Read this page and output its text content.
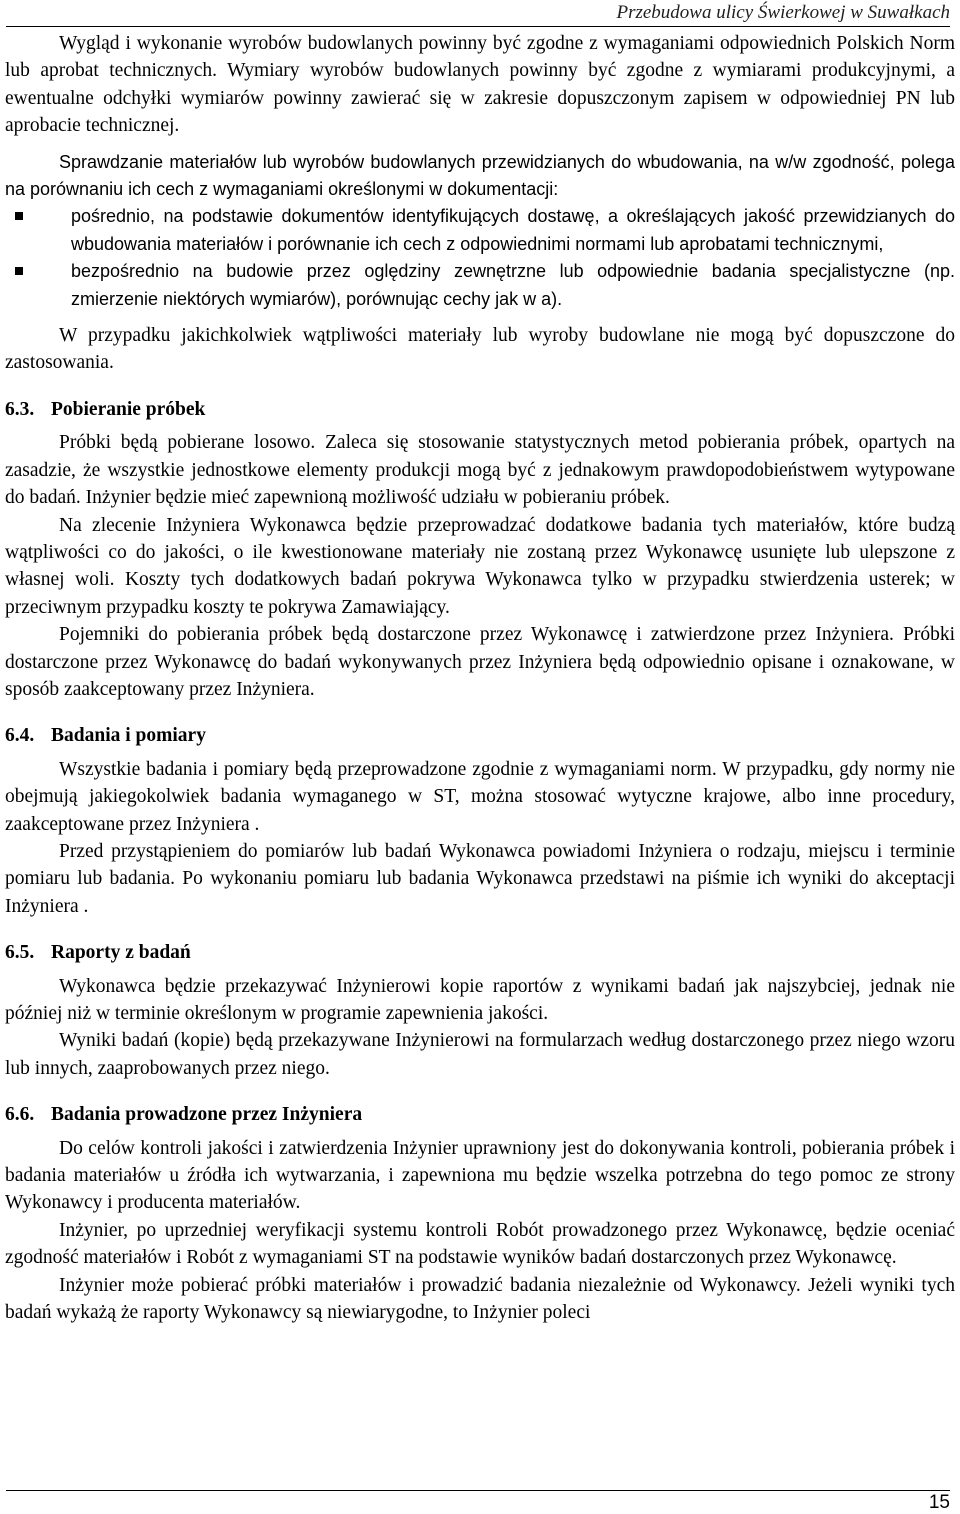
Przebudowa ulicy Świerkowej w Suwałkach

Wygląd i wykonanie wyrobów budowlanych powinny być zgodne z wymaganiami odpowiednich Polskich Norm lub aprobat technicznych. Wymiary wyrobów budowlanych powinny być zgodne z wymiarami produkcyjnymi, a ewentualne odchyłki wymiarów powinny zawierać się w zakresie dopuszczonym zapisem w odpowiedniej PN lub aprobacie technicznej.

Sprawdzanie materiałów lub wyrobów budowlanych przewidzianych do wbudowania, na w/w zgodność, polega na porównaniu ich cech z wymaganiami określonymi w dokumentacji:

pośrednio, na podstawie dokumentów identyfikujących dostawę, a określających jakość przewidzianych do wbudowania materiałów i porównanie ich cech z odpowiednimi normami lub aprobatami technicznymi,
bezpośrednio na budowie przez oględziny zewnętrzne lub odpowiednie badania specjalistyczne (np. zmierzenie niektórych wymiarów), porównując cechy jak w a).

W przypadku jakichkolwiek wątpliwości materiały lub wyroby budowlane nie mogą być dopuszczone do zastosowania.

6.3. Pobieranie próbek

Próbki będą pobierane losowo. Zaleca się stosowanie statystycznych metod pobierania próbek, opartych na zasadzie, że wszystkie jednostkowe elementy produkcji mogą być z jednakowym prawdopodobieństwem wytypowane do badań. Inżynier będzie mieć zapewnioną możliwość udziału w pobieraniu próbek.

Na zlecenie Inżyniera Wykonawca będzie przeprowadzać dodatkowe badania tych materiałów, które budzą wątpliwości co do jakości, o ile kwestionowane materiały nie zostaną przez Wykonawcę usunięte lub ulepszone z własnej woli. Koszty tych dodatkowych badań pokrywa Wykonawca tylko w przypadku stwierdzenia usterek; w przeciwnym przypadku koszty te pokrywa Zamawiający.

Pojemniki do pobierania próbek będą dostarczone przez Wykonawcę i zatwierdzone przez Inżyniera. Próbki dostarczone przez Wykonawcę do badań wykonywanych przez Inżyniera będą odpowiednio opisane i oznakowane, w sposób zaakceptowany przez Inżyniera.

6.4. Badania i pomiary

Wszystkie badania i pomiary będą przeprowadzone zgodnie z wymaganiami norm. W przypadku, gdy normy nie obejmują jakiegokolwiek badania wymaganego w ST, można stosować wytyczne krajowe, albo inne procedury, zaakceptowane przez Inżyniera .

Przed przystąpieniem do pomiarów lub badań Wykonawca powiadomi Inżyniera o rodzaju, miejscu i terminie pomiaru lub badania. Po wykonaniu pomiaru lub badania Wykonawca przedstawi na piśmie ich wyniki do akceptacji Inżyniera .

6.5. Raporty z badań

Wykonawca będzie przekazywać Inżynierowi kopie raportów z wynikami badań jak najszybciej, jednak nie później niż w terminie określonym w programie zapewnienia jakości.

Wyniki badań (kopie) będą przekazywane Inżynierowi na formularzach według dostarczonego przez niego wzoru lub innych, zaaprobowanych przez niego.

6.6. Badania prowadzone przez Inżyniera

Do celów kontroli jakości i zatwierdzenia Inżynier uprawniony jest do dokonywania kontroli, pobierania próbek i badania materiałów u źródła ich wytwarzania, i zapewniona mu będzie wszelka potrzebna do tego pomoc ze strony Wykonawcy i producenta materiałów.

Inżynier, po uprzedniej weryfikacji systemu kontroli Robót prowadzonego przez Wykonawcę, będzie oceniać zgodność materiałów i Robót z wymaganiami ST na podstawie wyników badań dostarczonych przez Wykonawcę.

Inżynier może pobierać próbki materiałów i prowadzić badania niezależnie od Wykonawcy. Jeżeli wyniki tych badań wykażą że raporty Wykonawcy są niewiarygodne, to Inżynier poleci

15
